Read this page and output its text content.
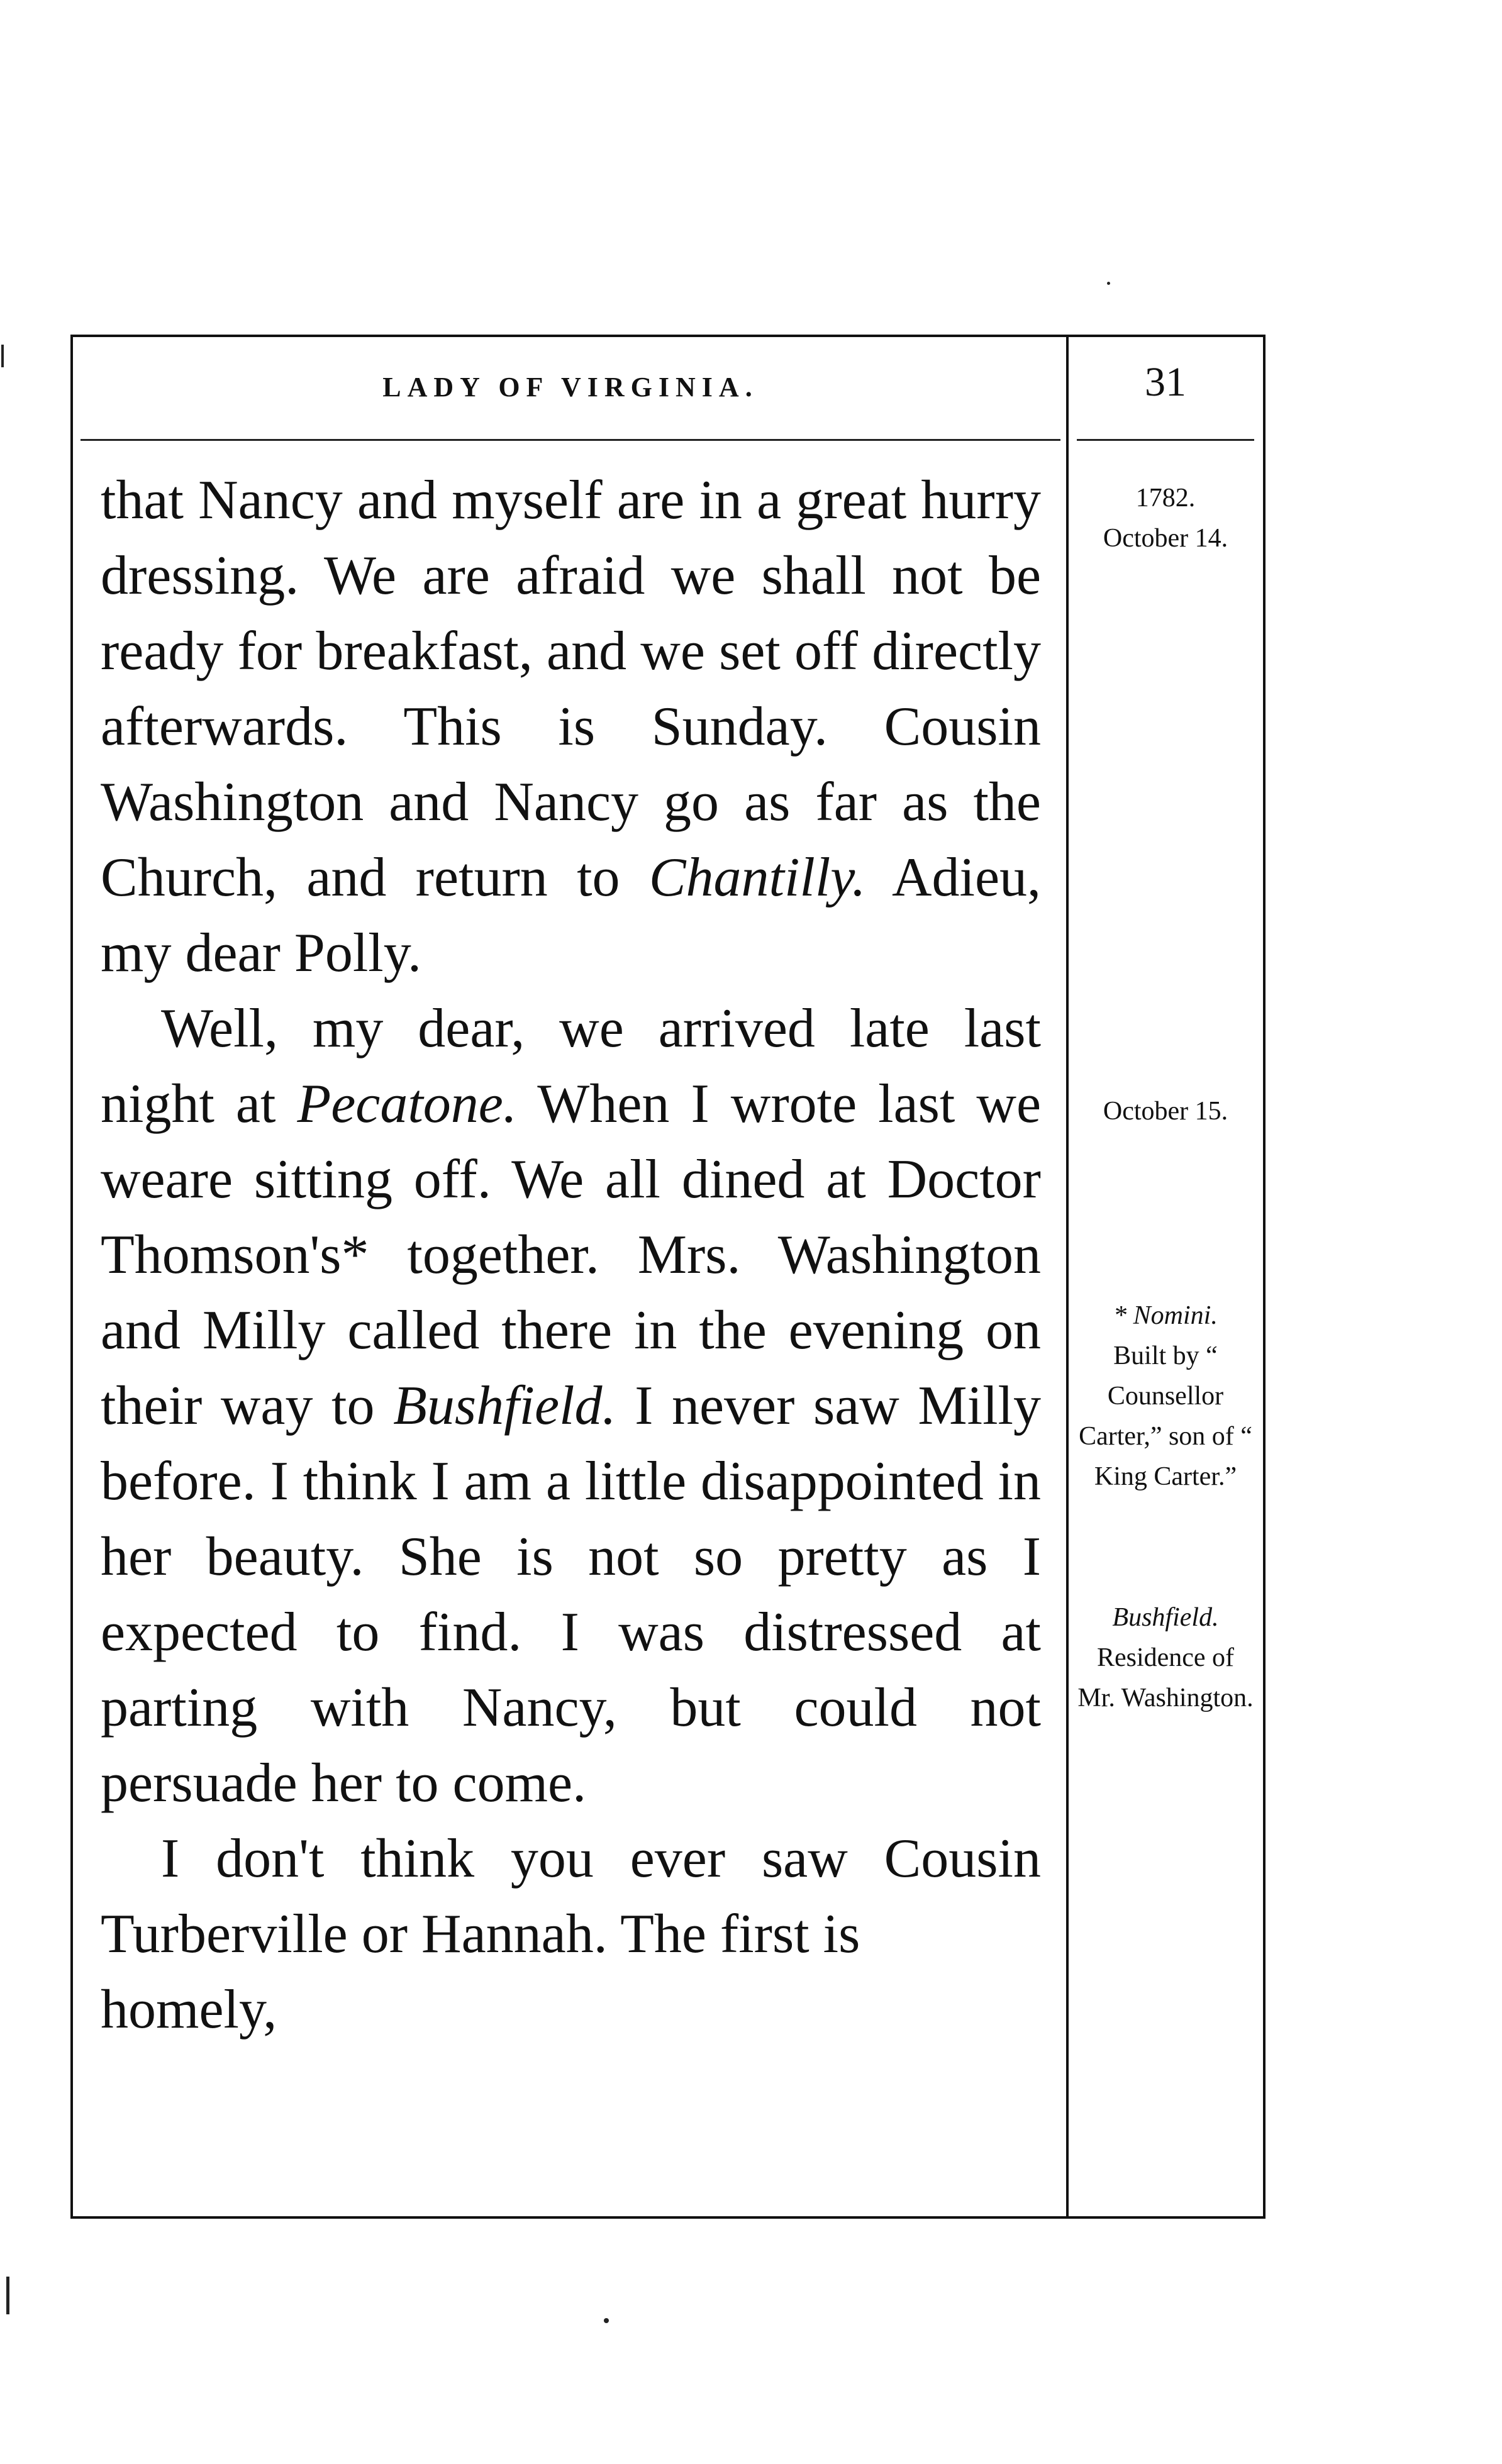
LADY OF VIRGINIA.	31

that Nancy and myself are in a great hurry dressing. We are afraid we shall not be ready for breakfast, and we set off directly afterwards. This is Sunday. Cousin Washington and Nancy go as far as the Church, and return to Chantilly. Adieu, my dear Polly.

Well, my dear, we arrived late last night at Pecatone. When I wrote last we weare sitting off. We all dined at Doctor Thomson's* together. Mrs. Washington and Milly called there in the evening on their way to Bushfield. I never saw Milly before. I think I am a little disappointed in her beauty. She is not so pretty as I expected to find. I was distressed at parting with Nancy, but could not persuade her to come.

I don't think you ever saw Cousin Turberville or Hannah. The first is

homely,

1782.
October 14.
October 15.
* Nomini.
Built by “ Counsellor Carter,” son of “ King Carter.”
Bushfield.
Residence of Mr. Washington.
